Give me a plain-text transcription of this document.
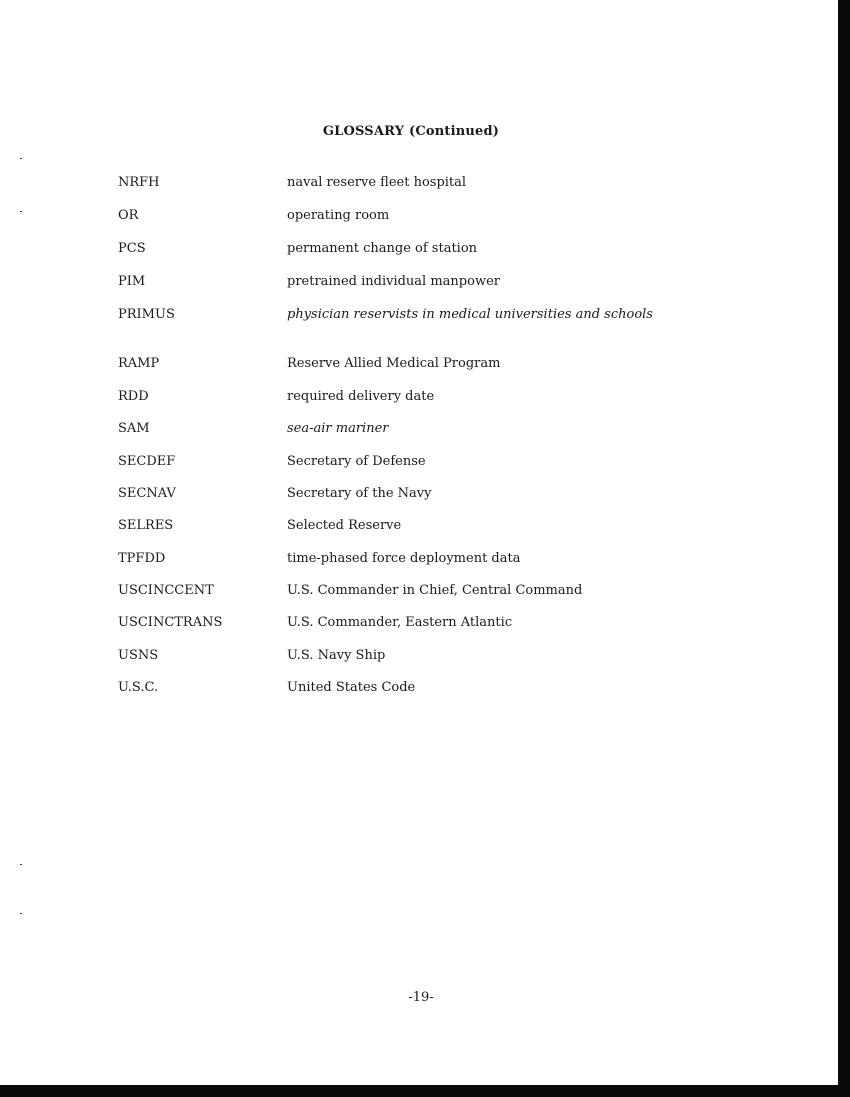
GLOSSARY (Continued)
NRFH	naval reserve fleet hospital
OR	operating room
PCS	permanent change of station
PIM	pretrained individual manpower
PRIMUS	physician reservists in medical universities and schools
RAMP	Reserve Allied Medical Program
RDD	required delivery date
SAM	sea-air mariner
SECDEF	Secretary of Defense
SECNAV	Secretary of the Navy
SELRES	Selected Reserve
TPFDD	time-phased force deployment data
USCINCCENT	U.S. Commander in Chief, Central Command
USCINCTRANS	U.S. Commander, Eastern Atlantic
USNS	U.S. Navy Ship
U.S.C.	United States Code
-19-
